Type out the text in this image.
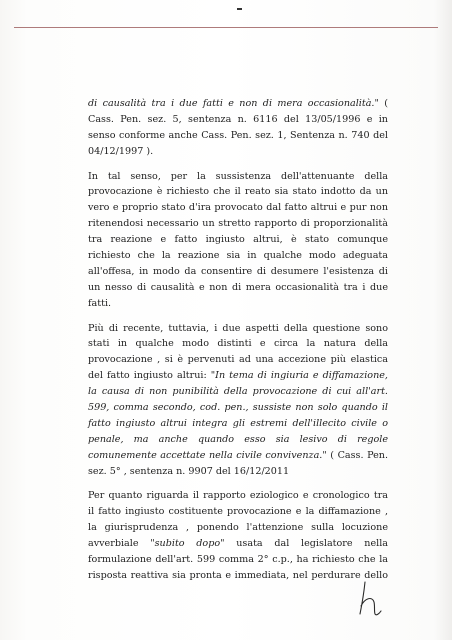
di causalità tra i due fatti e non di mera occasionalità." (
Cass. Pen. sez. 5, sentenza n. 6116 del 13/05/1996 e in
senso conforme anche Cass. Pen. sez. 1, Sentenza n. 740 del
04/12/1997 ).
In tal senso, per la sussistenza dell'attenuante della
provocazione è richiesto che il reato sia stato indotto da un
vero e proprio stato d'ira provocato dal fatto altrui e pur non
ritenendosi necessario un stretto rapporto di proporzionalità
tra reazione e fatto ingiusto altrui, è stato comunque
richiesto che la reazione sia in qualche modo adeguata
all'offesa, in modo da consentire di desumere l'esistenza di
un nesso di causalità e non di mera occasionalità tra i due
fatti.
Più di recente, tuttavia, i due aspetti della questione sono
stati in qualche modo distinti e circa la natura della
provocazione , si è pervenuti ad una accezione più elastica
del fatto ingiusto altrui: "In tema di ingiuria e diffamazione,
la causa di non punibilità della provocazione di cui all'art.
599, comma secondo, cod. pen., sussiste non solo quando il
fatto ingiusto altrui integra gli estremi dell'illecito civile o
penale, ma anche quando esso sia lesivo di regole
comunemente accettate nella civile convivenza." ( Cass. Pen.
sez. 5° , sentenza n. 9907 del 16/12/2011
Per quanto riguarda il rapporto eziologico e cronologico tra
il fatto ingiusto costituente provocazione e la diffamazione ,
la giurisprudenza , ponendo l'attenzione sulla locuzione
avverbiale "subito dopo" usata dal legislatore nella
formulazione dell'art. 599 comma 2° c.p., ha richiesto che la
risposta reattiva sia pronta e immediata, nel perdurare dello
